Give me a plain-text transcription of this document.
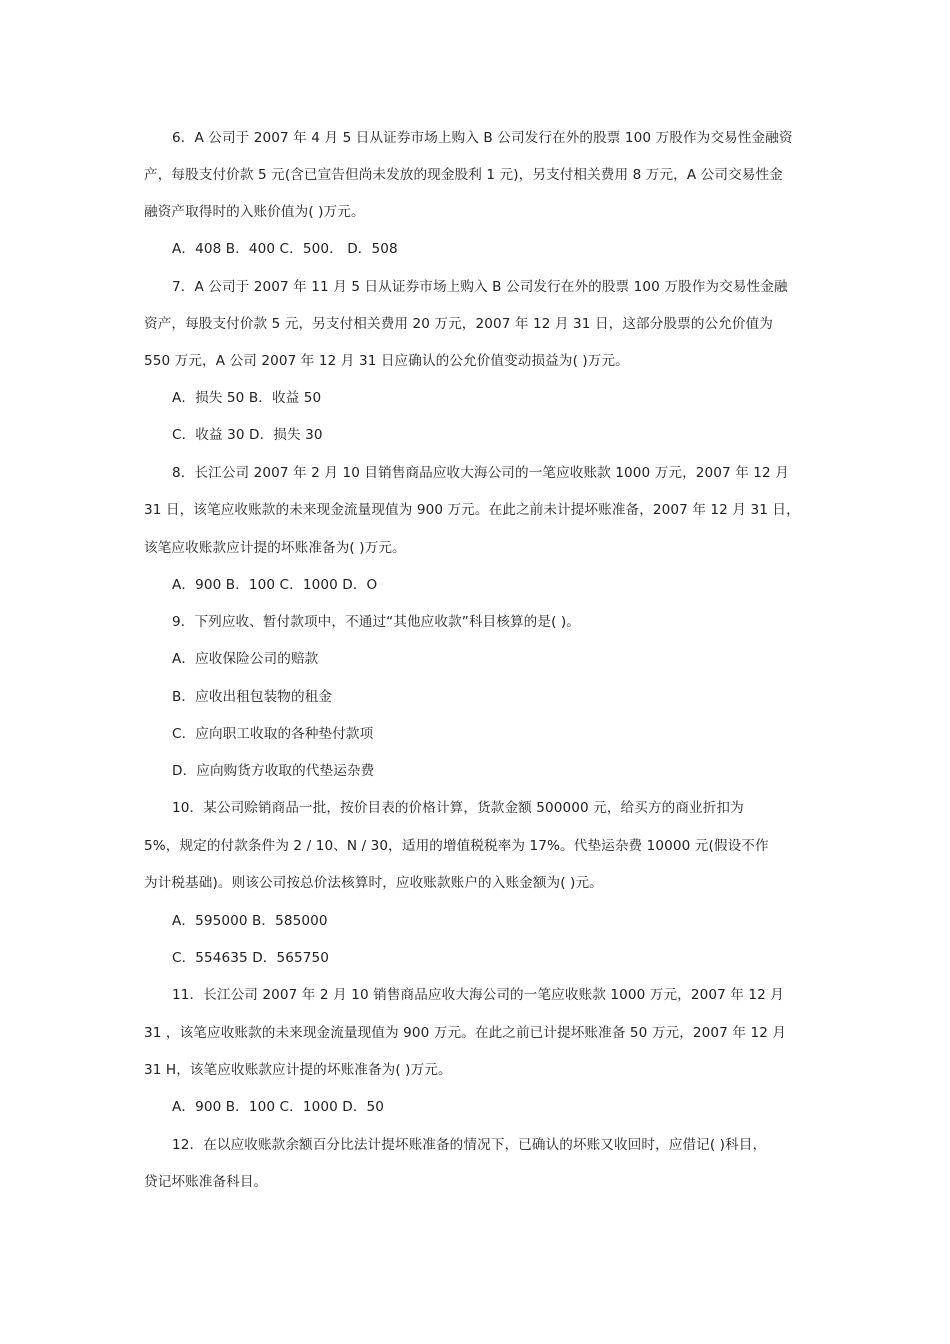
6．A 公司于 2007 年 4 月 5 日从证券市场上购入 B 公司发行在外的股票 100 万股作为交易性金融资
产，每股支付价款 5 元(含已宣告但尚未发放的现金股利 1 元)，另支付相关费用 8 万元，A 公司交易性金
融资产取得时的入账价值为( )万元。
A．408 B．400 C．500． D．508
7．A 公司于 2007 年 11 月 5 日从证券市场上购入 B 公司发行在外的股票 100 万股作为交易性金融
资产，每股支付价款 5 元，另支付相关费用 20 万元，2007 年 12 月 31 日，这部分股票的公允价值为
550 万元，A 公司 2007 年 12 月 31 日应确认的公允价值变动损益为( )万元。
A．损失 50 B．收益 50
C．收益 30 D．损失 30
8．长江公司 2007 年 2 月 10 目销售商品应收大海公司的一笔应收账款 1000 万元，2007 年 12 月
31 日，该笔应收账款的未来现金流量现值为 900 万元。在此之前未计提坏账准备，2007 年 12 月 31 日，
该笔应收账款应计提的坏账准备为( )万元。
A．900 B．100 C．1000 D．O
9．下列应收、暂付款项中，不通过“其他应收款”科目核算的是( )。
A．应收保险公司的赔款
B．应收出租包装物的租金
C．应向职工收取的各种垫付款项
D．应向购货方收取的代垫运杂费
10．某公司赊销商品一批，按价目表的价格计算，货款金额 500000 元，给买方的商业折扣为
5%，规定的付款条件为 2 / 10、N / 30，适用的增值税税率为 17%。代垫运杂费 10000 元(假设不作
为计税基础)。则该公司按总价法核算时，应收账款账户的入账金额为( )元。
A．595000 B．585000
C．554635 D．565750
11．长江公司 2007 年 2 月 10 销售商品应收大海公司的一笔应收账款 1000 万元，2007 年 12 月
31 ，该笔应收账款的未来现金流量现值为 900 万元。在此之前已计提坏账准备 50 万元，2007 年 12 月
31 H，该笔应收账款应计提的坏账准备为( )万元。
A．900 B．100 C．1000 D．50
12．在以应收账款余额百分比法计提坏账准备的情况下，已确认的坏账又收回时，应借记( )科目，
贷记坏账准备科目。
